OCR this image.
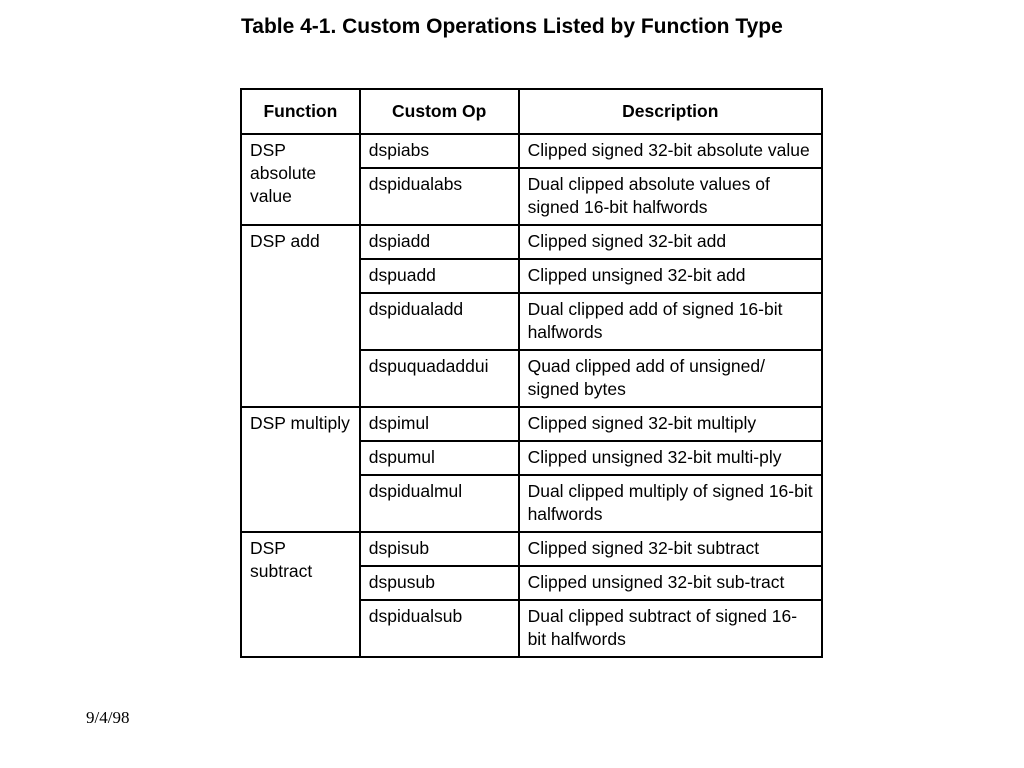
Table 4-1. Custom Operations Listed by Function Type
Function	Custom Op	Description
DSP absolute value	dspiabs	Clipped signed 32-bit absolute value
	dspidualabs	Dual clipped absolute values of signed 16-bit halfwords
DSP add	dspiadd	Clipped signed 32-bit add
	dspuadd	Clipped unsigned 32-bit add
	dspidualadd	Dual clipped add of signed 16-bit halfwords
	dspuquadaddui	Quad clipped add of unsigned/ signed bytes
DSP multiply	dspimul	Clipped signed 32-bit multiply
	dspumul	Clipped unsigned 32-bit multi-ply
	dspidualmul	Dual clipped multiply of signed 16-bit halfwords
DSP subtract	dspisub	Clipped signed 32-bit subtract
	dspusub	Clipped unsigned 32-bit sub-tract
	dspidualsub	Dual clipped subtract of signed 16-bit halfwords
9/4/98
